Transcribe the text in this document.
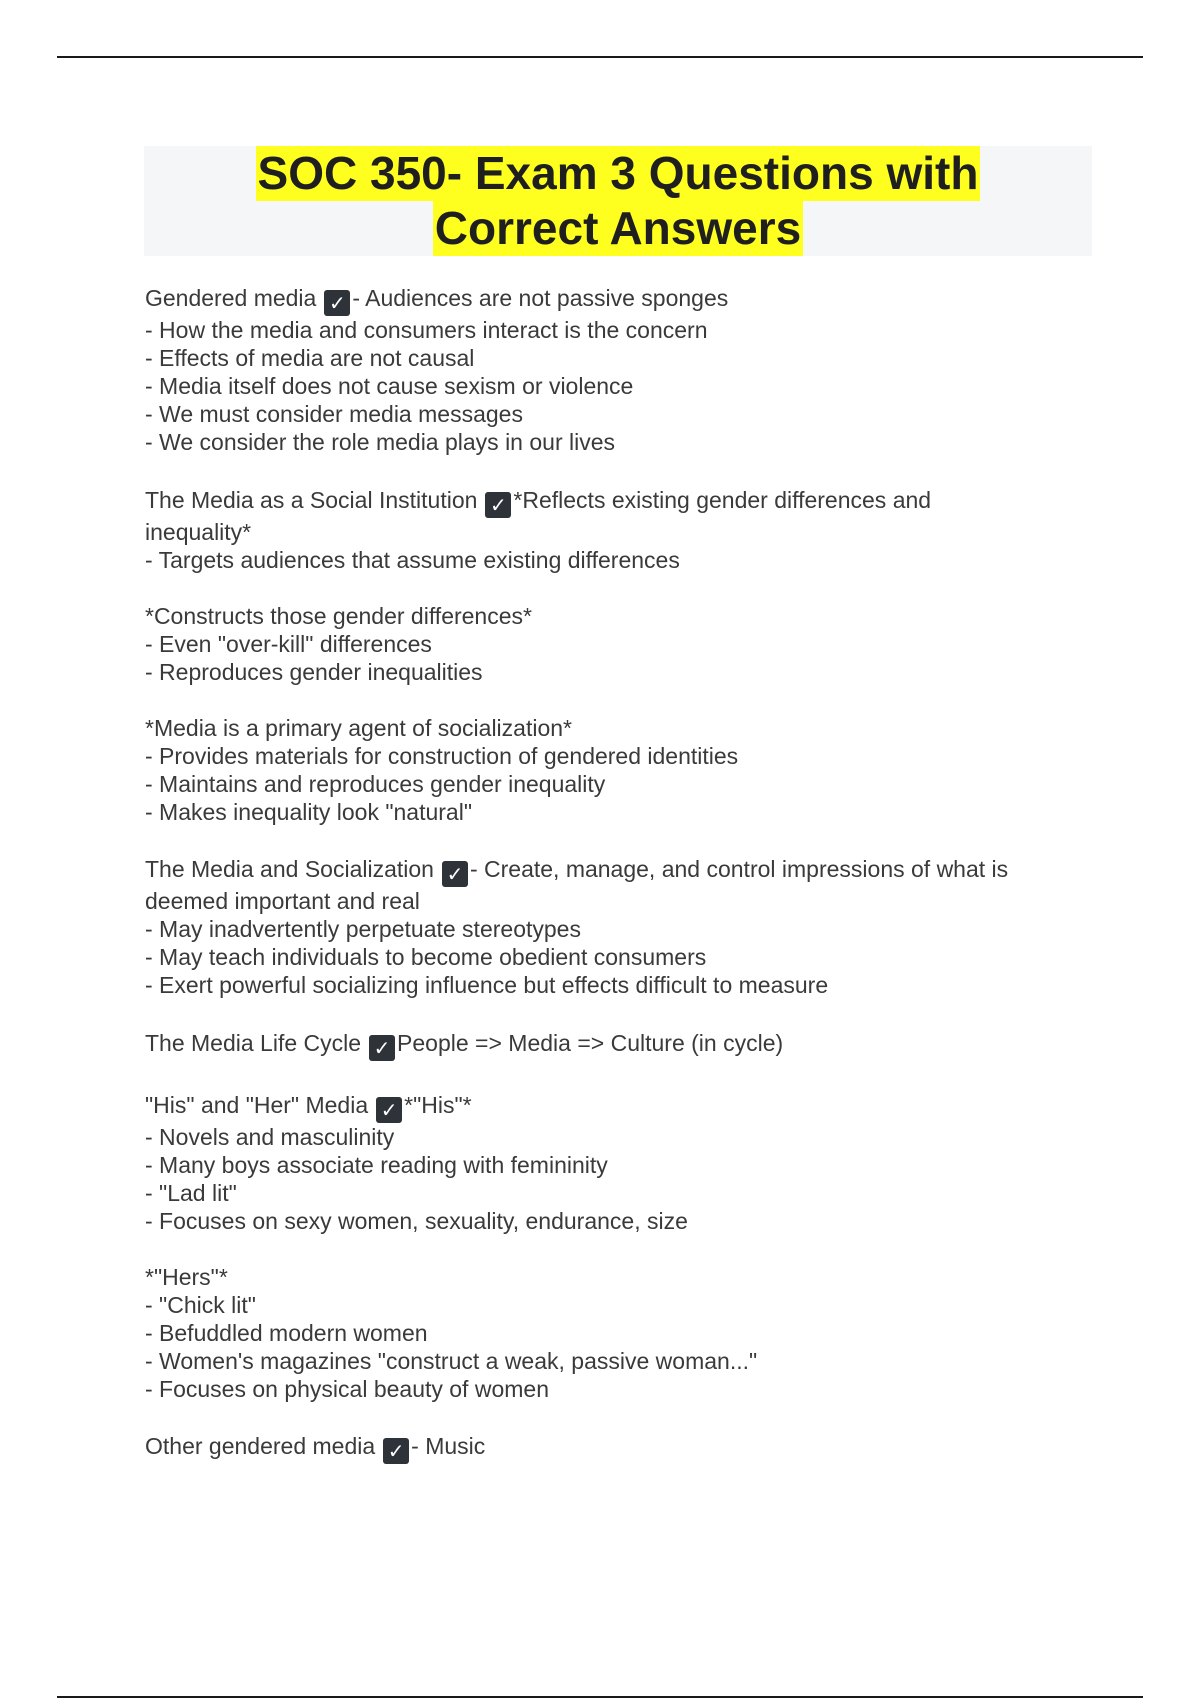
SOC 350- Exam 3 Questions with
Correct Answers
Gendered media ✓ - Audiences are not passive sponges
- How the media and consumers interact is the concern
- Effects of media are not causal
- Media itself does not cause sexism or violence
- We must consider media messages
- We consider the role media plays in our lives
The Media as a Social Institution ✓ *Reflects existing gender differences and
inequality*
- Targets audiences that assume existing differences
*Constructs those gender differences*
- Even "over-kill" differences
- Reproduces gender inequalities
*Media is a primary agent of socialization*
- Provides materials for construction of gendered identities
- Maintains and reproduces gender inequality
- Makes inequality look "natural"
The Media and Socialization ✓ - Create, manage, and control impressions of what is
deemed important and real
- May inadvertently perpetuate stereotypes
- May teach individuals to become obedient consumers
- Exert powerful socializing influence but effects difficult to measure
The Media Life Cycle ✓ People => Media => Culture (in cycle)
"His" and "Her" Media ✓ *"His"*
- Novels and masculinity
- Many boys associate reading with femininity
- "Lad lit"
- Focuses on sexy women, sexuality, endurance, size
*"Hers"*
- "Chick lit"
- Befuddled modern women
- Women's magazines "construct a weak, passive woman..."
- Focuses on physical beauty of women
Other gendered media ✓ - Music
